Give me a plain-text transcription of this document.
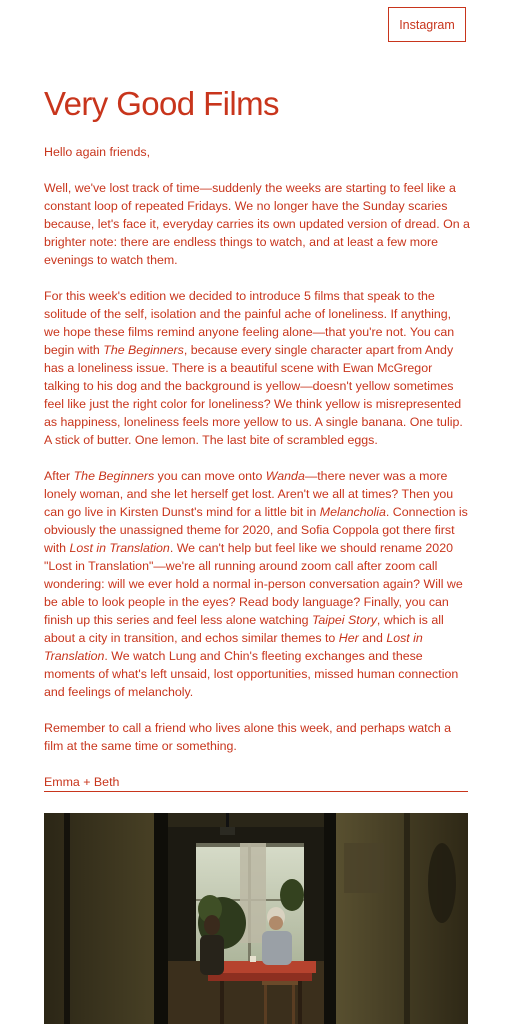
Instagram
Very Good Films

Hello again friends,

Well, we've lost track of time—suddenly the weeks are starting to feel like a constant loop of repeated Fridays. We no longer have the Sunday scaries because, let's face it, everyday carries its own updated version of dread. On a brighter note: there are endless things to watch, and at least a few more evenings to watch them.

For this week's edition we decided to introduce 5 films that speak to the solitude of the self, isolation and the painful ache of loneliness. If anything, we hope these films remind anyone feeling alone—that you're not. You can begin with The Beginners, because every single character apart from Andy has a loneliness issue. There is a beautiful scene with Ewan McGregor talking to his dog and the background is yellow—doesn't yellow sometimes feel like just the right color for loneliness? We think yellow is misrepresented as happiness, loneliness feels more yellow to us. A single banana. One tulip. A stick of butter. One lemon. The last bite of scrambled eggs.

After The Beginners you can move onto Wanda—there never was a more lonely woman, and she let herself get lost. Aren't we all at times? Then you can go live in Kirsten Dunst's mind for a little bit in Melancholia. Connection is obviously the unassigned theme for 2020, and Sofia Coppola got there first with Lost in Translation. We can't help but feel like we should rename 2020 "Lost in Translation"—we're all running around zoom call after zoom call wondering: will we ever hold a normal in-person conversation again? Will we be able to look people in the eyes? Read body language? Finally, you can finish up this series and feel less alone watching Taipei Story, which is all about a city in transition, and echos similar themes to Her and Lost in Translation. We watch Lung and Chin's fleeting exchanges and these moments of what's left unsaid, lost opportunities, missed human connection and feelings of melancholy.

Remember to call a friend who lives alone this week, and perhaps watch a film at the same time or something.

Emma + Beth
